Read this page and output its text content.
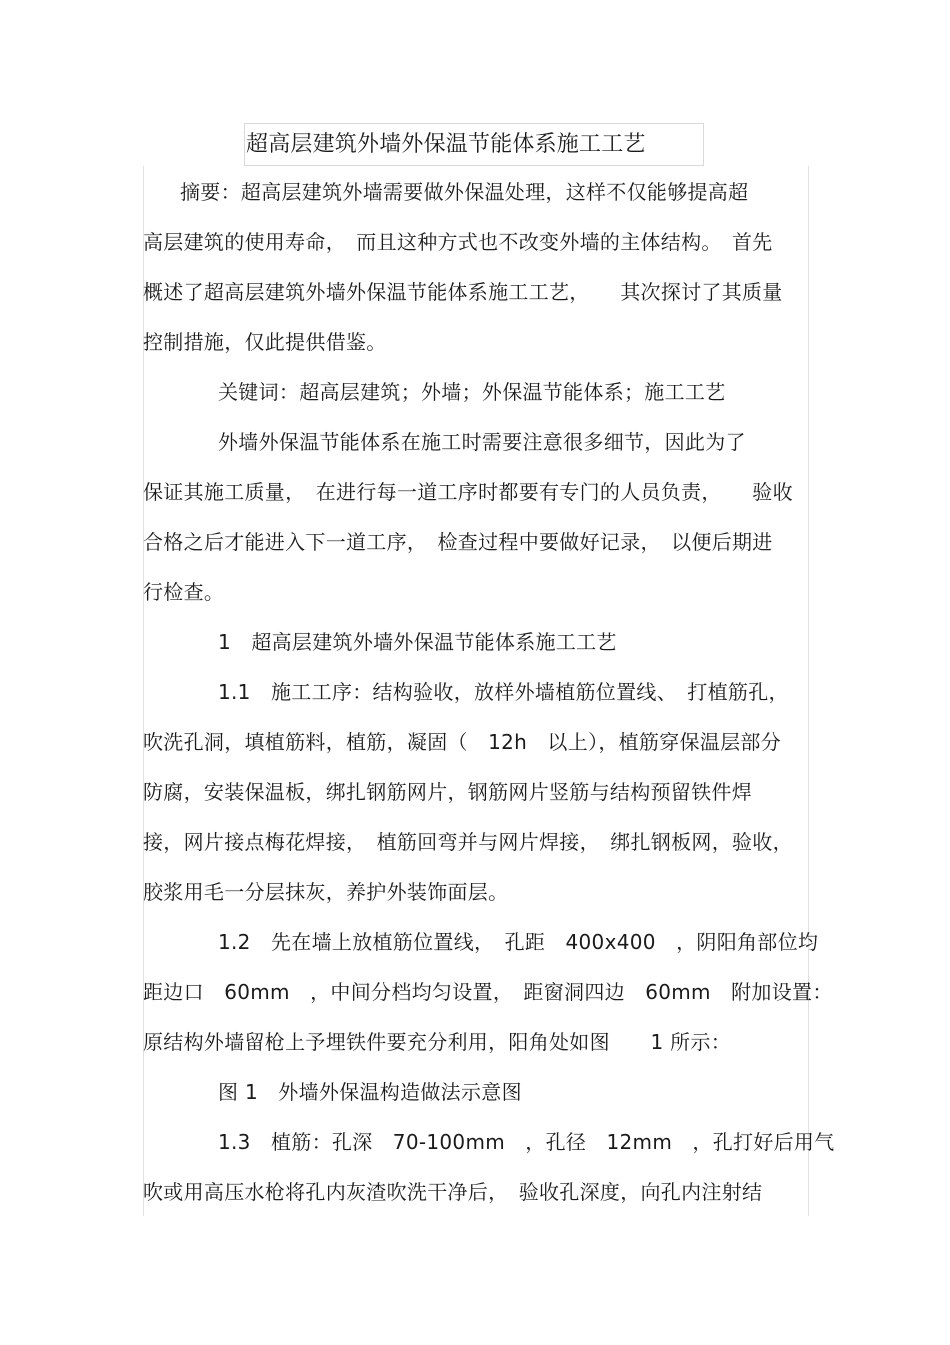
超高层建筑外墙外保温节能体系施工工艺
摘要：超高层建筑外墙需要做外保温处理，这样不仅能够提高超
高层建筑的使用寿命，　而且这种方式也不改变外墙的主体结构。　首先
概述了超高层建筑外墙外保温节能体系施工工艺，　　其次探讨了其质量
控制措施，仅此提供借鉴。
关键词：超高层建筑；外墙；外保温节能体系；施工工艺
外墙外保温节能体系在施工时需要注意很多细节，因此为了
保证其施工质量，　在进行每一道工序时都要有专门的人员负责，　　验收
合格之后才能进入下一道工序，　检查过程中要做好记录，　以便后期进
行检查。
1　超高层建筑外墙外保温节能体系施工工艺
1.1　施工工序：结构验收，放样外墙植筋位置线、　打植筋孔，
吹洗孔洞，填植筋料，植筋，凝固（　12h　以上），植筋穿保温层部分
防腐，安装保温板，绑扎钢筋网片，钢筋网片竖筋与结构预留铁件焊
接，网片接点梅花焊接，　植筋回弯并与网片焊接，　绑扎钢板网，验收，
胶浆用毛一分层抹灰，养护外装饰面层。
1.2　先在墙上放植筋位置线，　孔距　400x400　，阴阳角部位均
距边口　60mm　，中间分档均匀设置，　距窗洞四边　60mm　附加设置：
原结构外墙留枪上予埋铁件要充分利用，阳角处如图　　1 所示：
图 1　外墙外保温构造做法示意图
1.3　植筋：孔深　70-100mm　，孔径　12mm　，孔打好后用气
吹或用高压水枪将孔内灰渣吹洗干净后，　验收孔深度，向孔内注射结
